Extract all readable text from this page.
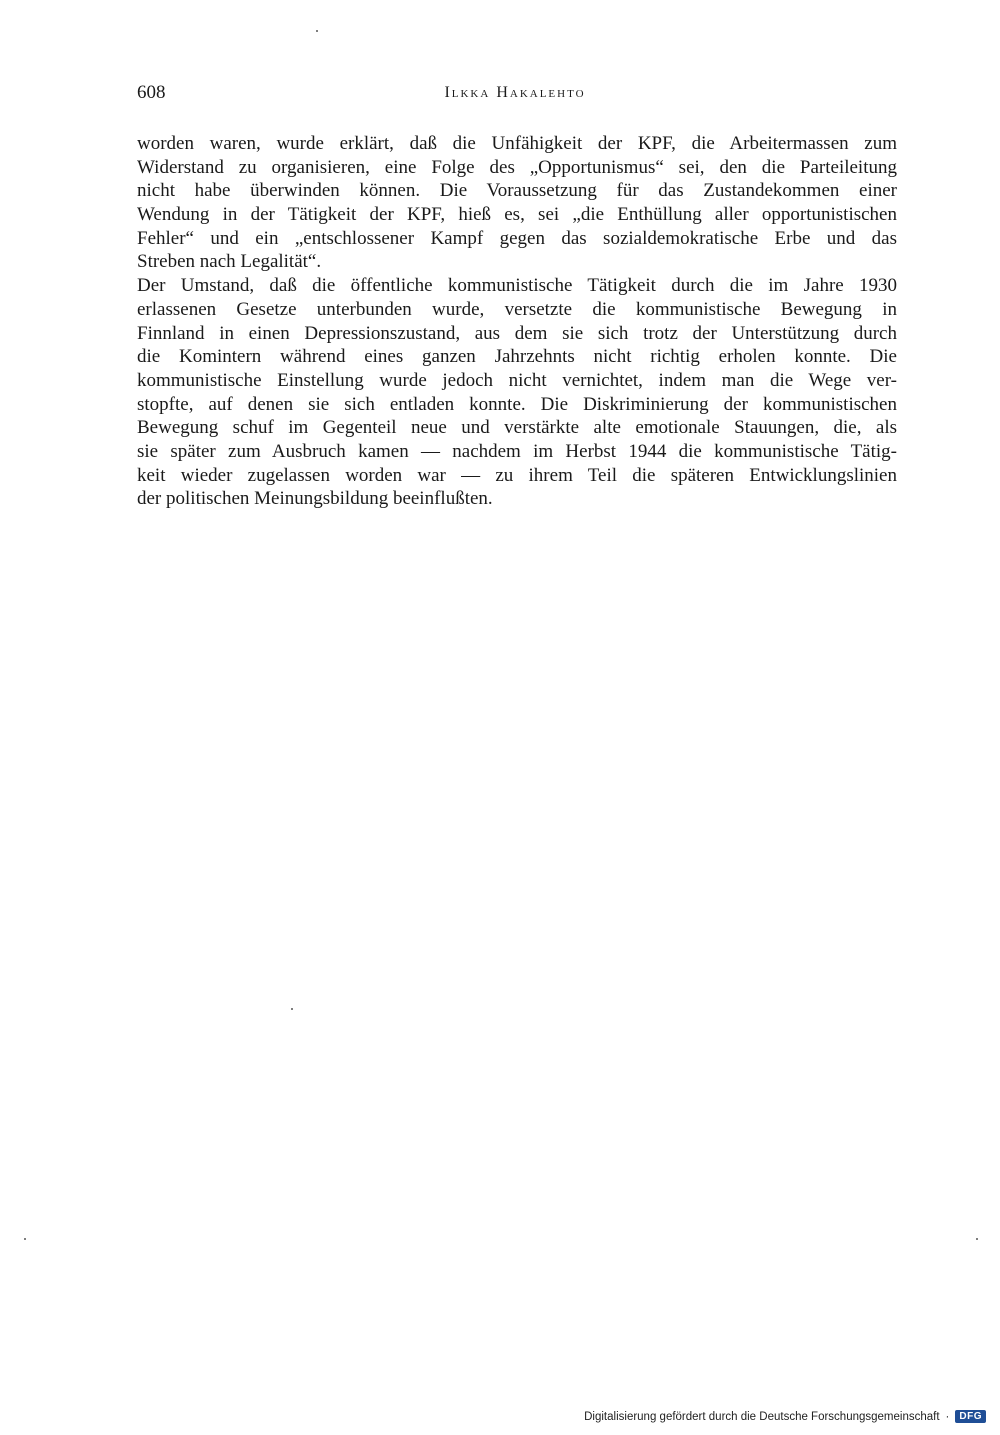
608	Ilkka Hakalehto
worden waren, wurde erklärt, daß die Unfähigkeit der KPF, die Arbeitermassen zum
Widerstand zu organisieren, eine Folge des „Opportunismus“ sei, den die Parteileitung
nicht habe überwinden können. Die Voraussetzung für das Zustandekommen einer
Wendung in der Tätigkeit der KPF, hieß es, sei „die Enthüllung aller opportunistischen
Fehler“ und ein „entschlossener Kampf gegen das sozialdemokratische Erbe und das
Streben nach Legalität“.
Der Umstand, daß die öffentliche kommunistische Tätigkeit durch die im Jahre 1930
erlassenen Gesetze unterbunden wurde, versetzte die kommunistische Bewegung in
Finnland in einen Depressionszustand, aus dem sie sich trotz der Unterstützung durch
die Komintern während eines ganzen Jahrzehnts nicht richtig erholen konnte. Die
kommunistische Einstellung wurde jedoch nicht vernichtet, indem man die Wege ver-
stopfte, auf denen sie sich entladen konnte. Die Diskriminierung der kommunistischen
Bewegung schuf im Gegenteil neue und verstärkte alte emotionale Stauungen, die, als
sie später zum Ausbruch kamen — nachdem im Herbst 1944 die kommunistische Tätig-
keit wieder zugelassen worden war — zu ihrem Teil die späteren Entwicklungslinien
der politischen Meinungsbildung beeinflußten.
Digitalisierung gefördert durch die Deutsche Forschungsgemeinschaft ·	DFG
